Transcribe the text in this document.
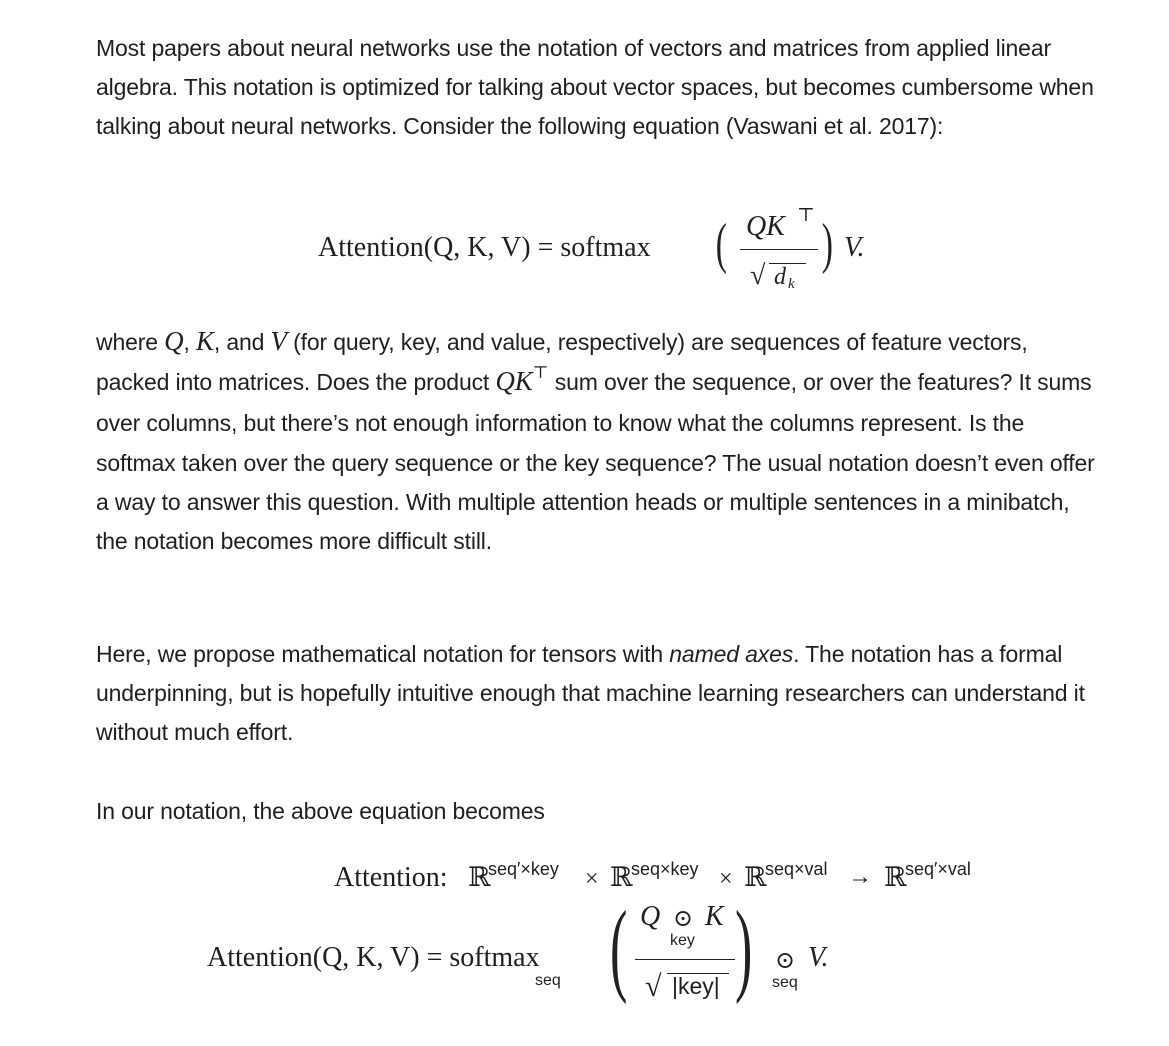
Most papers about neural networks use the notation of vectors and matrices from applied linear algebra. This notation is optimized for talking about vector spaces, but becomes cumbersome when talking about neural networks. Consider the following equation (Vaswani et al. 2017):

Attention(Q, K, V) = softmax ( QK ⊤
√ d k
) V.

where Q, K, and V (for query, key, and value, respectively) are sequences of feature vectors, packed into matrices. Does the product QK⊤ sum over the sequence, or over the features? It sums over columns, but there’s not enough information to know what the columns represent. Is the softmax taken over the query sequence or the key sequence? The usual notation doesn’t even offer a way to answer this question. With multiple attention heads or multiple sentences in a minibatch, the notation becomes more difficult still.

Here, we propose mathematical notation for tensors with named axes. The notation has a formal underpinning, but is hopefully intuitive enough that machine learning researchers can understand it without much effort.

In our notation, the above equation becomes

Attention: ℝ
seq′×key × ℝ
seq×key × ℝ
seq×val → ℝ
seq′×val
Attention(Q, K, V) = softmax
seq ( Q ⊙ K
key
√ |key| ) ⊙
seq
V.
